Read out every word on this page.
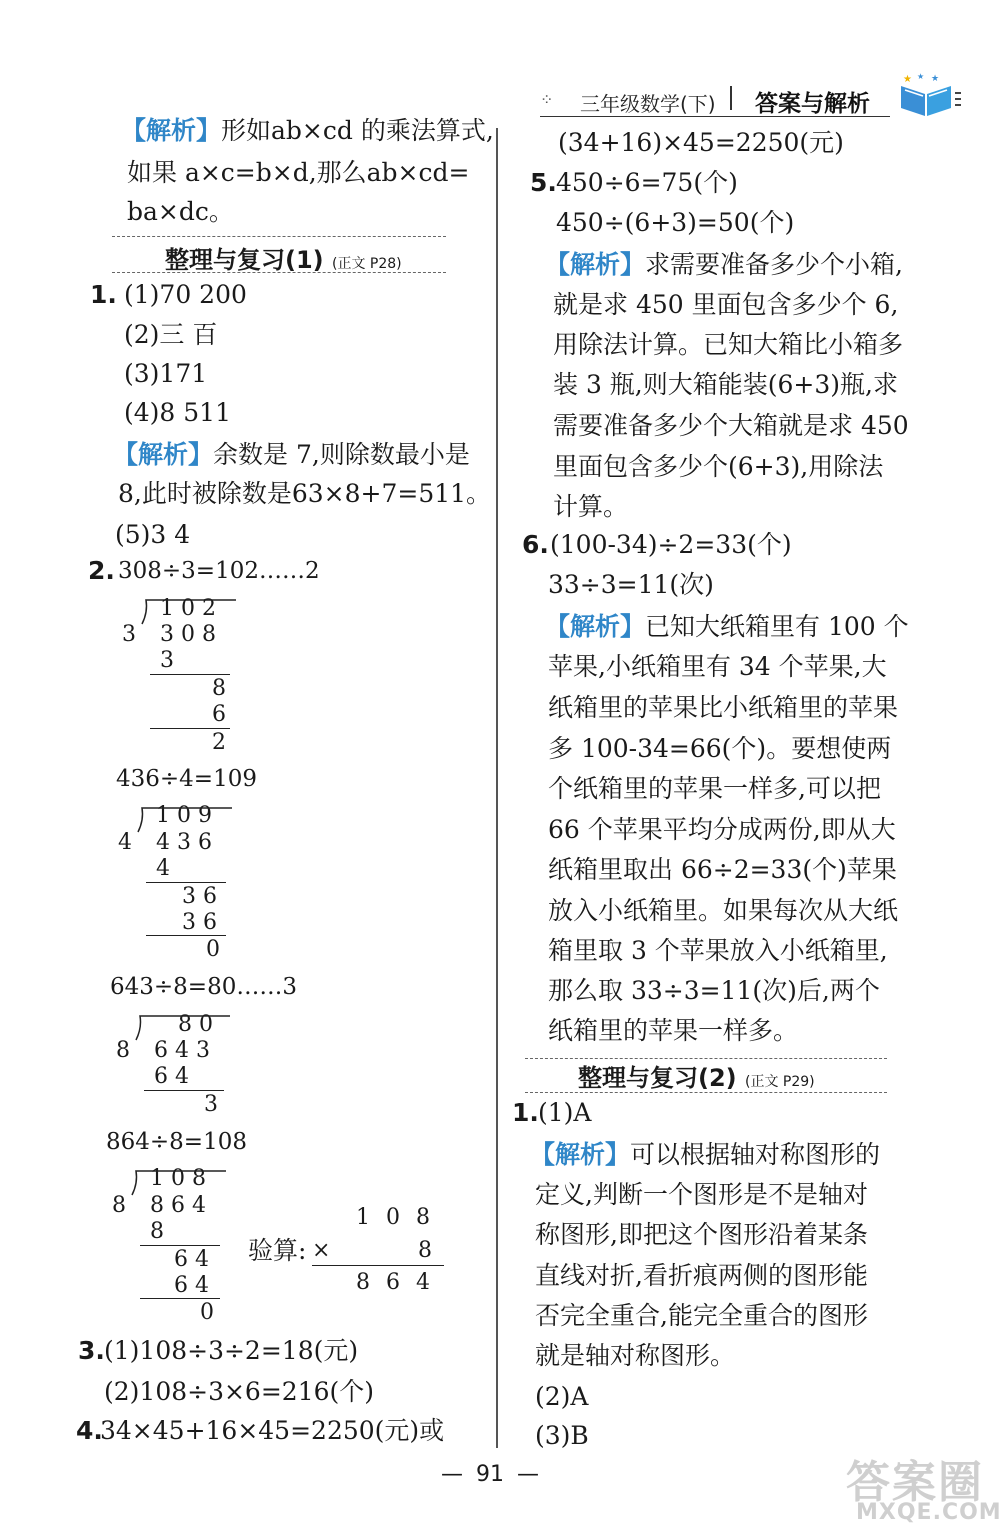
⁘ 三年级数学(下) 答案与解析
★ ★ ★
【解析】形如ab×cd 的乘法算式,
如果 a×c=b×d,那么ab×cd=
ba×dc。
整理与复习(1) (正文 P28)
1. (1)70 200
(2)三 百
(3)171
(4)8 511
【解析】余数是 7,则除数最小是
8,此时被除数是63×8+7=511。
(5)3 4
2. 308÷3=102……2
102
3 308
3
8
6
2
436÷4=109
109
4 436
4
36
36
0
643÷8=80……3
80
8 643
64
3
864÷8=108
108
8 864
8
64
64
0
验算:
108
×	8
864
3. (1)108÷3÷2=18(元)
(2)108÷3×6=216(个)
4.
34×45+16×45=2250(元)或
(34+16)×45=2250(元)
5. 450÷6=75(个)
450÷(6+3)=50(个)
【解析】求需要准备多少个小箱,
就是求 450 里面包含多少个 6,
用除法计算。已知大箱比小箱多
装 3 瓶,则大箱能装(6+3)瓶,求
需要准备多少个大箱就是求 450
里面包含多少个(6+3),用除法
计算。
6. (100-34)÷2=33(个)
33÷3=11(次)
【解析】已知大纸箱里有 100 个
苹果,小纸箱里有 34 个苹果,大
纸箱里的苹果比小纸箱里的苹果
多 100-34=66(个)。要想使两
个纸箱里的苹果一样多,可以把
66 个苹果平均分成两份,即从大
纸箱里取出 66÷2=33(个)苹果
放入小纸箱里。如果每次从大纸
箱里取 3 个苹果放入小纸箱里,
那么取 33÷3=11(次)后,两个
纸箱里的苹果一样多。
整理与复习(2) (正文 P29)
1. (1)A
【解析】可以根据轴对称图形的
定义,判断一个图形是不是轴对
称图形,即把这个图形沿着某条
直线对折,看折痕两侧的图形能
否完全重合,能完全重合的图形
就是轴对称图形。
(2)A
(3)B
— 91 —	答案圈
MXQE.COM
